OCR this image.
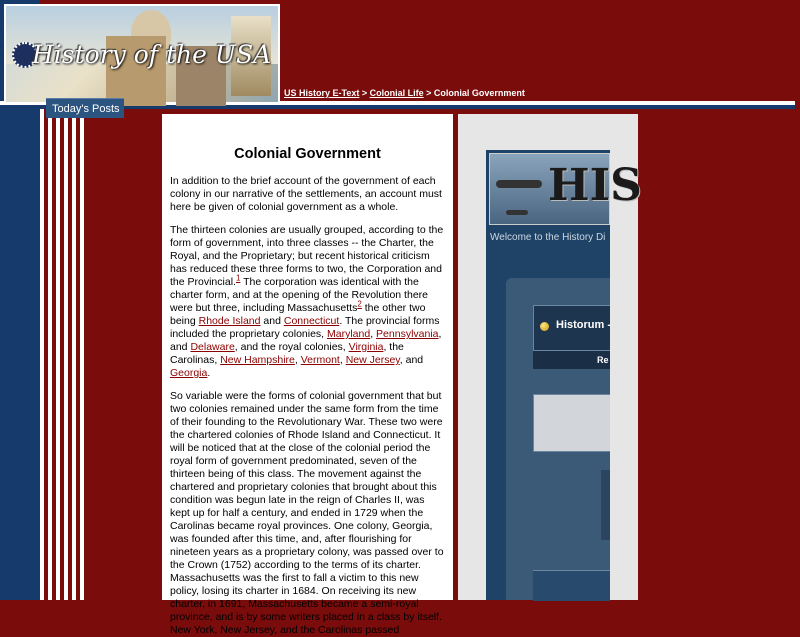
History of the USA
US History E-Text > Colonial Life > Colonial Government
Colonial Government

In addition to the brief account of the government of each colony in our narrative of the settlements, an account must here be given of colonial government as a whole.

The thirteen colonies are usually grouped, according to the form of government, into three classes -- the Charter, the Royal, and the Proprietary; but recent historical criticism has reduced these three forms to two, the Corporation and the Provincial.$^1$ The corporation was identical with the charter form, and at the opening of the Revolution there were but three, including Massachusetts$^2$ the other two being Rhode Island and Connecticut. The provincial forms included the proprietary colonies, Maryland, Pennsylvania, and Delaware, and the royal colonies, Virginia, the Carolinas, New Hampshire, Vermont, New Jersey, and Georgia.

So variable were the forms of colonial government that but two colonies remained under the same form from the time of their founding to the Revolutionary War. These two were the chartered colonies of Rhode Island and Connecticut. It will be noticed that at the close of the colonial period the royal form of government predominated, seven of the thirteen being of this class. The movement against the chartered and proprietary colonies that brought about this condition was begun late in the reign of Charles II, was kept up for half a century, and ended in 1729 when the Carolinas became royal provinces. One colony, Georgia, was founded after this time, and, after flourishing for nineteen years as a proprietary colony, was passed over to the Crown (1752) according to the terms of its charter. Massachusetts was the first to fall a victim to this new policy, losing its charter in 1684. On receiving its new charter, in 1691, Massachusetts became a semi-royal province, and is by some writers placed in a class by itself. New York, New Jersey, and the Carolinas passed

HIS
Welcome to the History Di
Today's Posts
Historum -
Re
